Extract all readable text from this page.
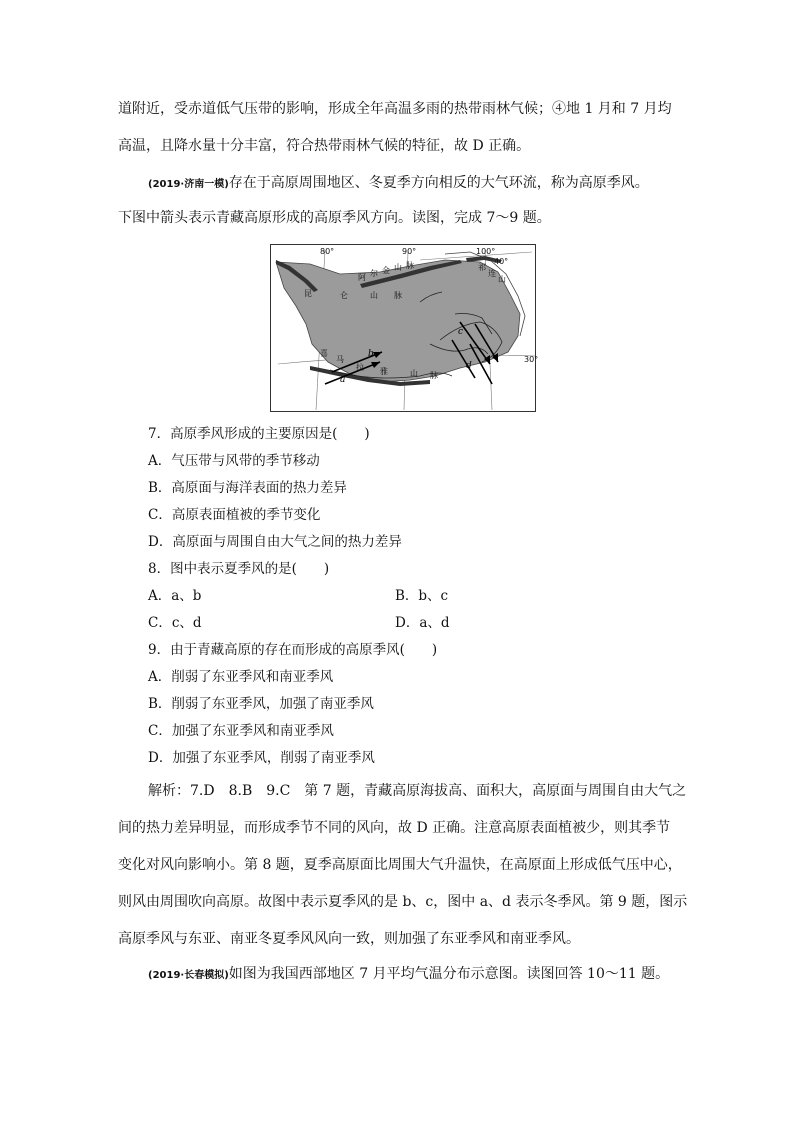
道附近，受赤道低气压带的影响，形成全年高温多雨的热带雨林气候；④地 1 月和 7 月均
高温，且降水量十分丰富，符合热带雨林气候的特征，故 D 正确。
(2019·济南一模)存在于高原周围地区、冬夏季方向相反的大气环流，称为高原季风。
下图中箭头表示青藏高原形成的高原季风方向。读图，完成 7～9 题。
80°	90°	100°
40°
30°
阿 尔 金 山 脉	祁
连
山
昆	仑	山 脉
喜
马
拉 雅	山 脉
a
b
c
d
7．高原季风形成的主要原因是(　　)
A．气压带与风带的季节移动
B．高原面与海洋表面的热力差异
C．高原表面植被的季节变化
D．高原面与周围自由大气之间的热力差异
8．图中表示夏季风的是(　　)
A．a、b	B．b、c
C．c、d	D．a、d
9．由于青藏高原的存在而形成的高原季风(　　)
A．削弱了东亚季风和南亚季风
B．削弱了东亚季风，加强了南亚季风
C．加强了东亚季风和南亚季风
D．加强了东亚季风，削弱了南亚季风
解析：7.D　8.B　9.C　第 7 题，青藏高原海拔高、面积大，高原面与周围自由大气之
间的热力差异明显，而形成季节不同的风向，故 D 正确。注意高原表面植被少，则其季节
变化对风向影响小。第 8 题，夏季高原面比周围大气升温快，在高原面上形成低气压中心，
则风由周围吹向高原。故图中表示夏季风的是 b、c，图中 a、d 表示冬季风。第 9 题，图示
高原季风与东亚、南亚冬夏季风风向一致，则加强了东亚季风和南亚季风。
(2019·长春模拟)如图为我国西部地区 7 月平均气温分布示意图。读图回答 10～11 题。
